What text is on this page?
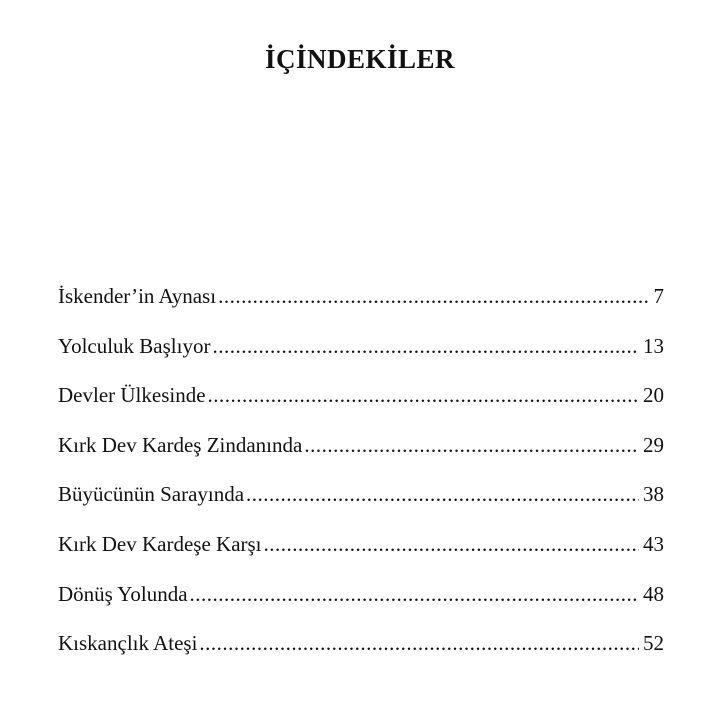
İÇİNDEKİLER
İskender’in Aynası .....	7
Yolculuk Başlıyor .....	13
Devler Ülkesinde .....	20
Kırk Dev Kardeş Zindanında .....	29
Büyücünün Sarayında .....	38
Kırk Dev Kardeşe Karşı .....	43
Dönüş Yolunda .....	48
Kıskançlık Ateşi .....	52
